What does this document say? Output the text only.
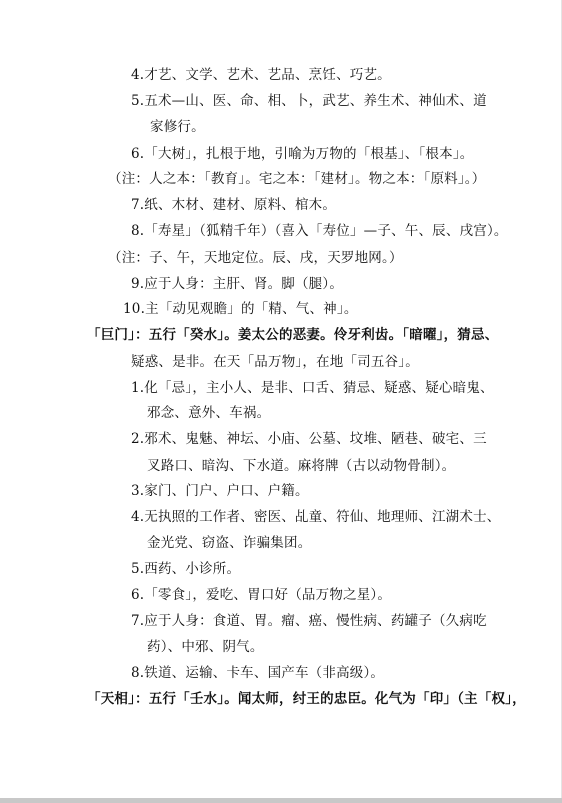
4.才艺、文学、艺术、艺品、烹饪、巧艺。
5.五术—山、医、命、相、卜，武艺、养生术、神仙术、道
家修行。
6.「大树」，扎根于地，引喻为万物的「根基」、「根本」。
（注：人之本：「教育」。宅之本：「建材」。物之本：「原料」。）
7.纸、木材、建材、原料、棺木。
8.「寿星」（狐精千年）（喜入「寿位」—子、午、辰、戌宫）。
（注：子、午，天地定位。辰、戌，天罗地网。）
9.应于人身：主肝、肾。脚（腿）。
10.主「动见观瞻」的「精、气、神」。
「巨门」：五行「癸水」。姜太公的恶妻。伶牙利齿。「暗曜」，猜忌、
疑惑、是非。在天「品万物」，在地「司五谷」。
1.化「忌」，主小人、是非、口舌、猜忌、疑惑、疑心暗鬼、
邪念、意外、车祸。
2.邪术、鬼魅、神坛、小庙、公墓、坟堆、陋巷、破宅、三
叉路口、暗沟、下水道。麻将牌（古以动物骨制）。
3.家门、门户、户口、户籍。
4.无执照的工作者、密医、乩童、符仙、地理师、江湖术士、
金光党、窃盗、诈骗集团。
5.西药、小诊所。
6.「零食」，爱吃、胃口好（品万物之星）。
7.应于人身：食道、胃。瘤、癌、慢性病、药罐子（久病吃
药）、中邪、阴气。
8.铁道、运输、卡车、国产车（非高级）。
「天相」：五行「壬水」。闻太师，纣王的忠臣。化气为「印」（主「权」，
